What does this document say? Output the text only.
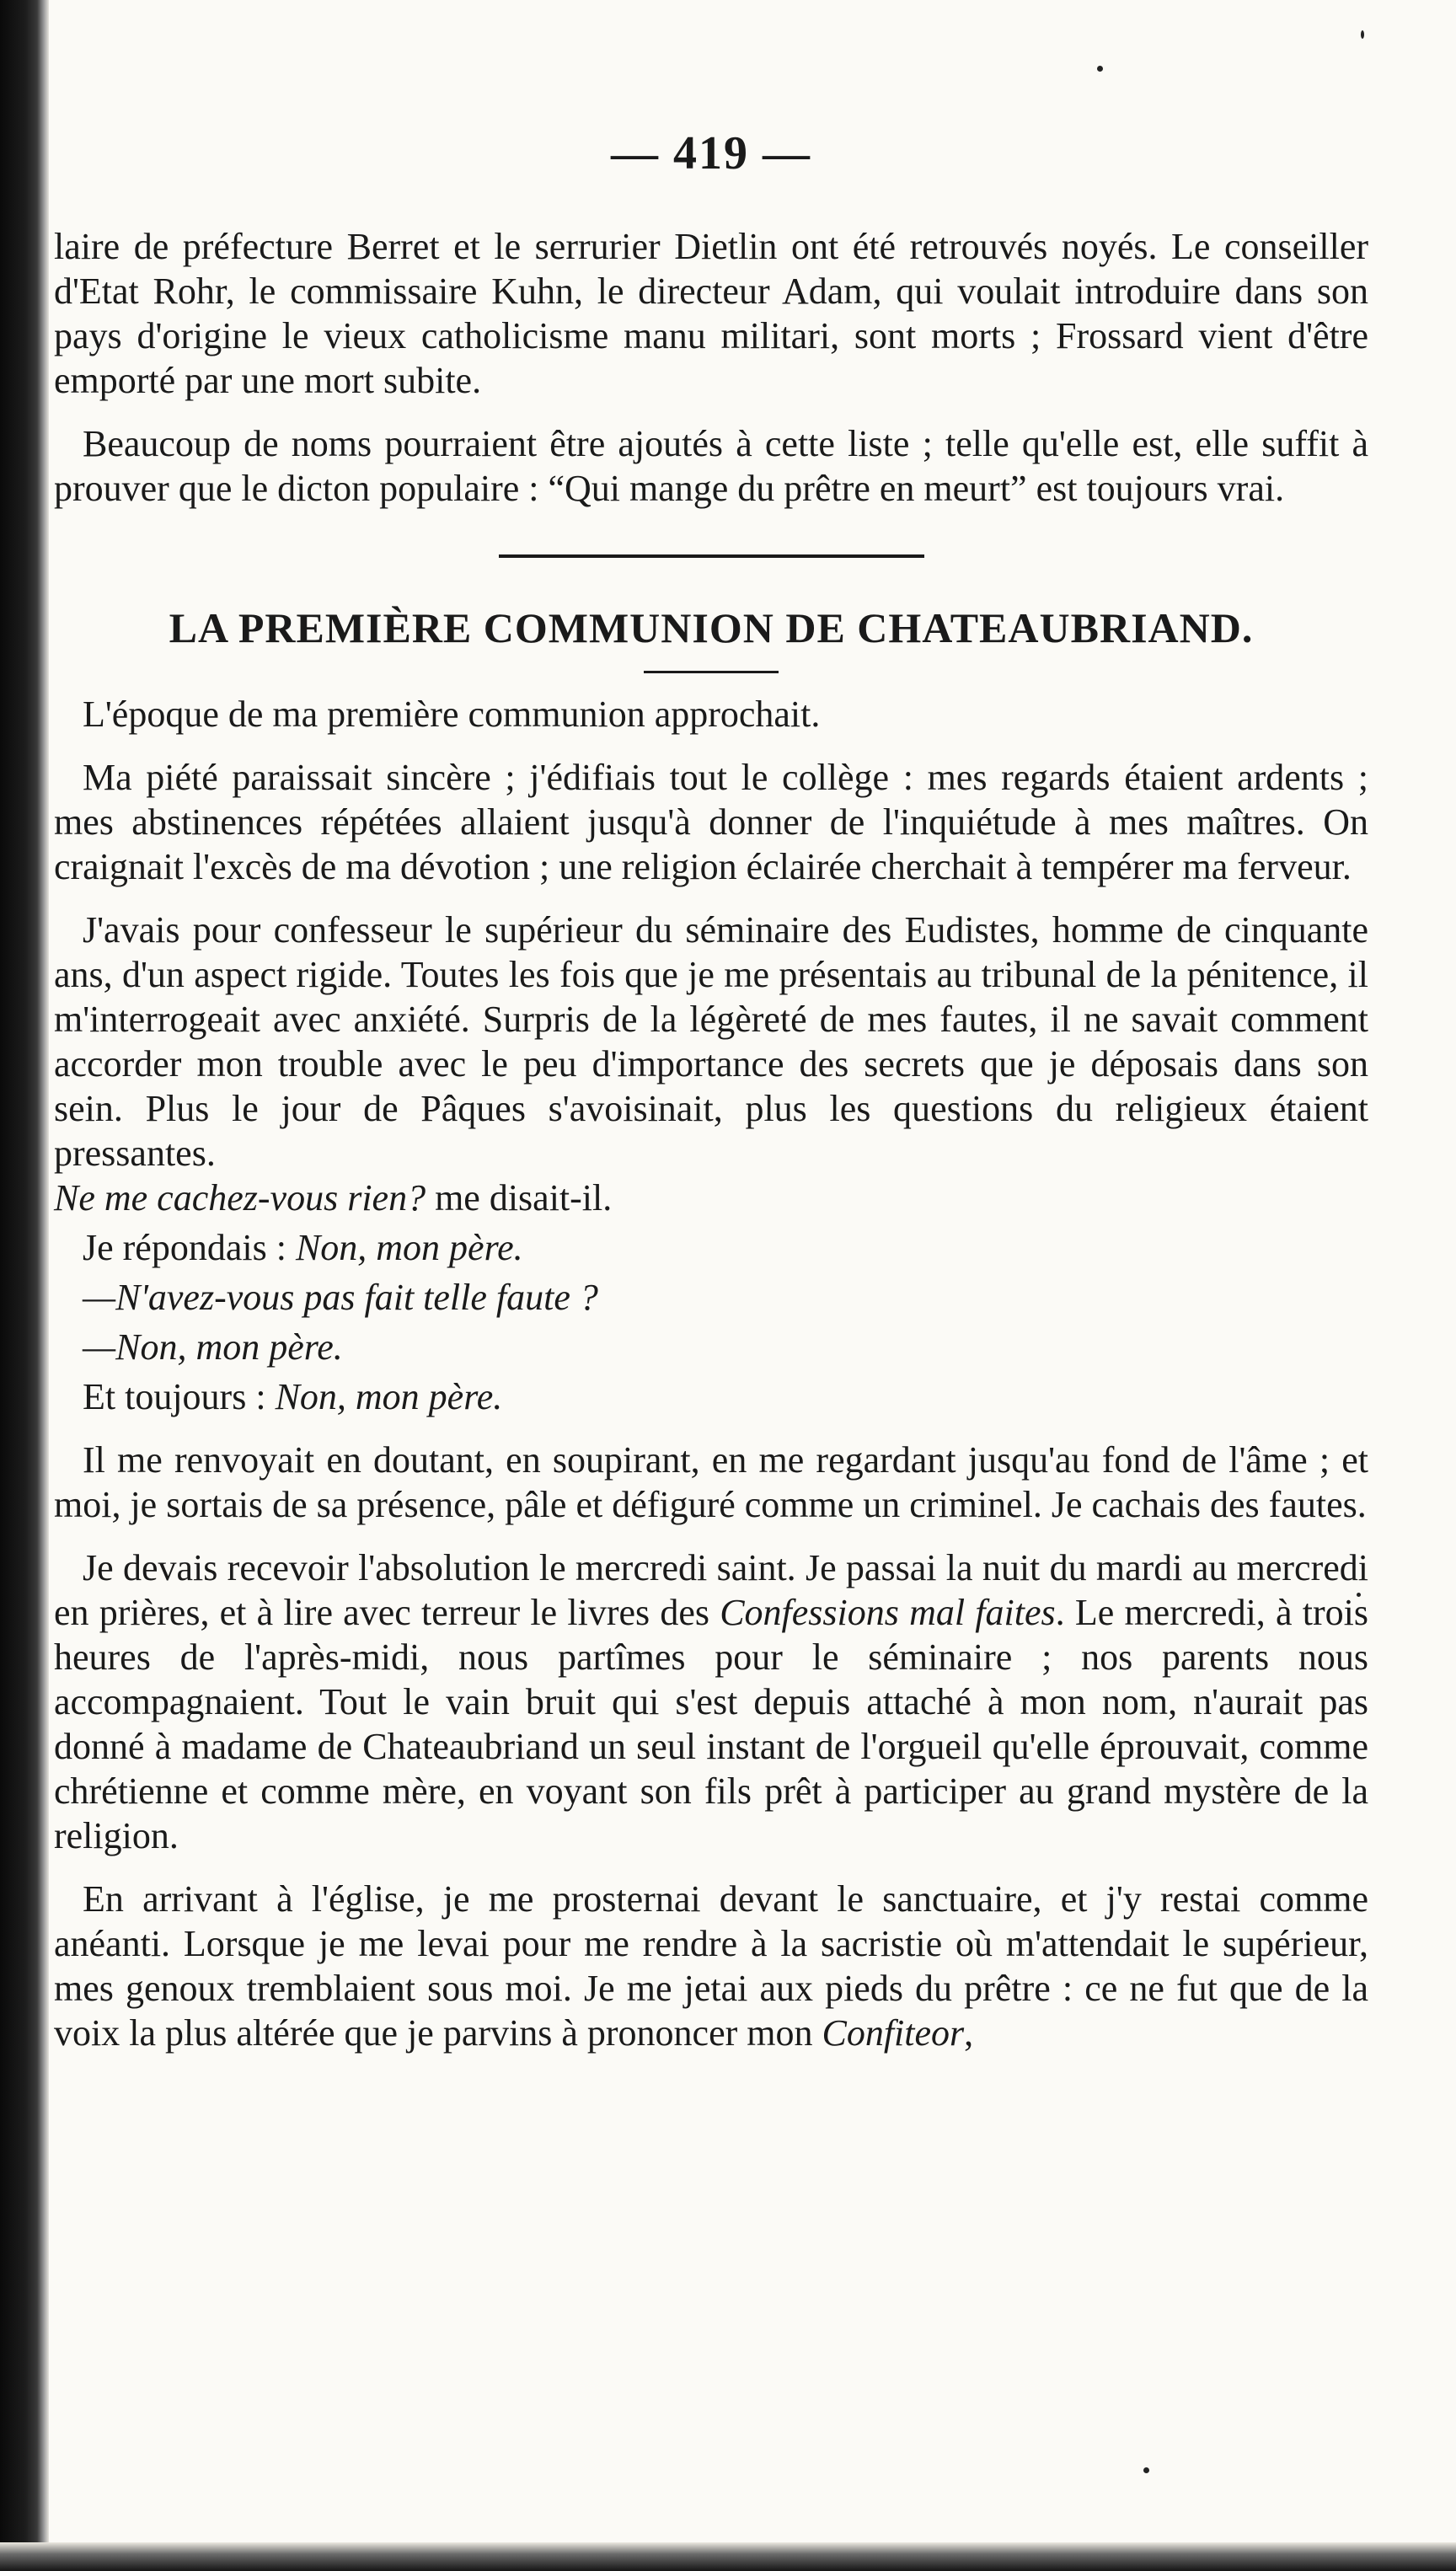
— 419 —

laire de préfecture Berret et le serrurier Dietlin ont été retrouvés noyés. Le conseiller d'Etat Rohr, le commissaire Kuhn, le directeur Adam, qui voulait introduire dans son pays d'origine le vieux catholicisme manu militari, sont morts ; Frossard vient d'être emporté par une mort subite.

Beaucoup de noms pourraient être ajoutés à cette liste ; telle qu'elle est, elle suffit à prouver que le dicton populaire : “Qui mange du prêtre en meurt” est toujours vrai.

LA PREMIÈRE COMMUNION DE CHATEAUBRIAND.

L'époque de ma première communion approchait.

Ma piété paraissait sincère ; j'édifiais tout le collège : mes regards étaient ardents ; mes abstinences répétées allaient jusqu'à donner de l'inquiétude à mes maîtres. On craignait l'excès de ma dévotion ; une religion éclairée cherchait à tempérer ma ferveur.

J'avais pour confesseur le supérieur du séminaire des Eudistes, homme de cinquante ans, d'un aspect rigide. Toutes les fois que je me présentais au tribunal de la pénitence, il m'interrogeait avec anxiété. Surpris de la légèreté de mes fautes, il ne savait comment accorder mon trouble avec le peu d'importance des secrets que je déposais dans son sein. Plus le jour de Pâques s'avoisinait, plus les questions du religieux étaient pressantes.
Ne me cachez-vous rien? me disait-il.

Je répondais : Non, mon père.

—N'avez-vous pas fait telle faute ?

—Non, mon père.

Et toujours : Non, mon père.

Il me renvoyait en doutant, en soupirant, en me regardant jusqu'au fond de l'âme ; et moi, je sortais de sa présence, pâle et défiguré comme un criminel. Je cachais des fautes.

Je devais recevoir l'absolution le mercredi saint. Je passai la nuit du mardi au mercredi en prières, et à lire avec terreur le livres des Confessions mal faites. Le mercredi, à trois heures de l'après-midi, nous partîmes pour le séminaire ; nos parents nous accompagnaient. Tout le vain bruit qui s'est depuis attaché à mon nom, n'aurait pas donné à madame de Chateaubriand un seul instant de l'orgueil qu'elle éprouvait, comme chrétienne et comme mère, en voyant son fils prêt à participer au grand mystère de la religion.

En arrivant à l'église, je me prosternai devant le sanctuaire, et j'y restai comme anéanti. Lorsque je me levai pour me rendre à la sacristie où m'attendait le supérieur, mes genoux tremblaient sous moi. Je me jetai aux pieds du prêtre : ce ne fut que de la voix la plus altérée que je parvins à prononcer mon Confiteor,
